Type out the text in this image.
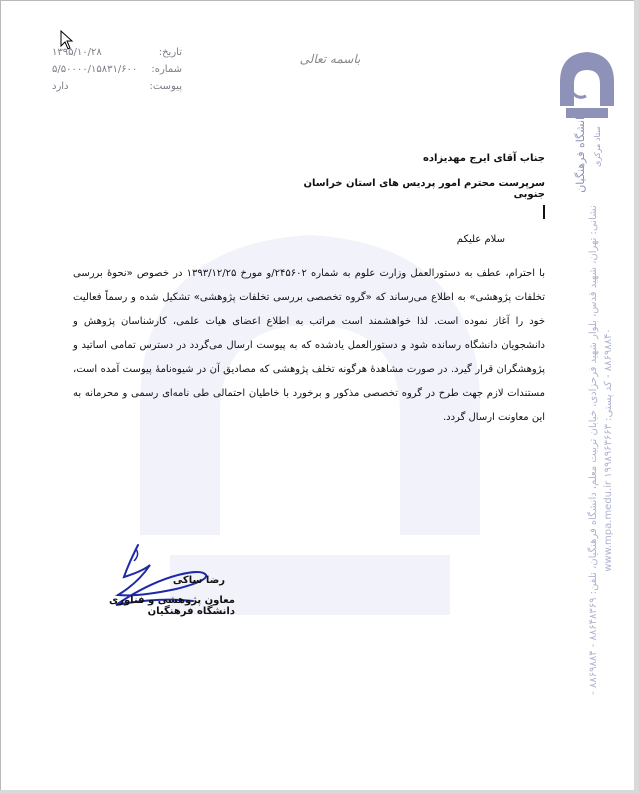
تاریخ:
۱۳۹۵/۱۰/۲۸
شماره:
۵/۵۰۰۰۰/۱۵۸۳۱/۶۰۰
پیوست:
دارد
باسمه تعالی
دانشگاه فرهنگیان ستاد مرکزی
نشانی: تهران، شهید قدس، بلوار شهید فرحزادی، خیابان تربیت معلم، دانشگاه فرهنگیان، تلفن: ۸۸۶۴۸۳۶۹ - ۸۸۶۹۸۸۴ - ۸۸۶۹۸۸۴۰ - کد پستی: ۱۹۹۸۹۶۳۶۶۳ www.mpa.medu.ir
جناب آقای ایرج مهدیزاده
سرپرست محترم امور پردیس های استان خراسان جنوبی
سلام علیکم
با احترام، عطف به دستورالعمل وزارت علوم به شماره ۲۴۵۶۰۲/و مورخ ۱۳۹۳/۱۲/۲۵ در خصوص «نحوهٔ بررسی تخلفات پژوهشی» به اطلاع می‌رساند که «گروه تخصصی بررسی تخلفات پژوهشی» تشکیل شده و رسماً فعالیت خود را آغاز نموده است. لذا خواهشمند است مراتب به اطلاع اعضای هیات علمی، کارشناسان پژوهش و دانشجویان دانشگاه رسانده شود و دستورالعمل یادشده که به پیوست ارسال می‌گردد در دسترس تمامی اساتید و پژوهشگران قرار گیرد. در صورت مشاهدهٔ هرگونه تخلف پژوهشی که مصادیق آن در شیوه‌نامهٔ پیوست آمده است، مستندات لازم جهت طرح در گروه تخصصی مذکور و برخورد با خاطیان احتمالی طی نامه‌ای رسمی و محرمانه به این معاونت ارسال گردد.
رضا ساکی
معاون پژوهشی و فناوری دانشگاه فرهنگیان
